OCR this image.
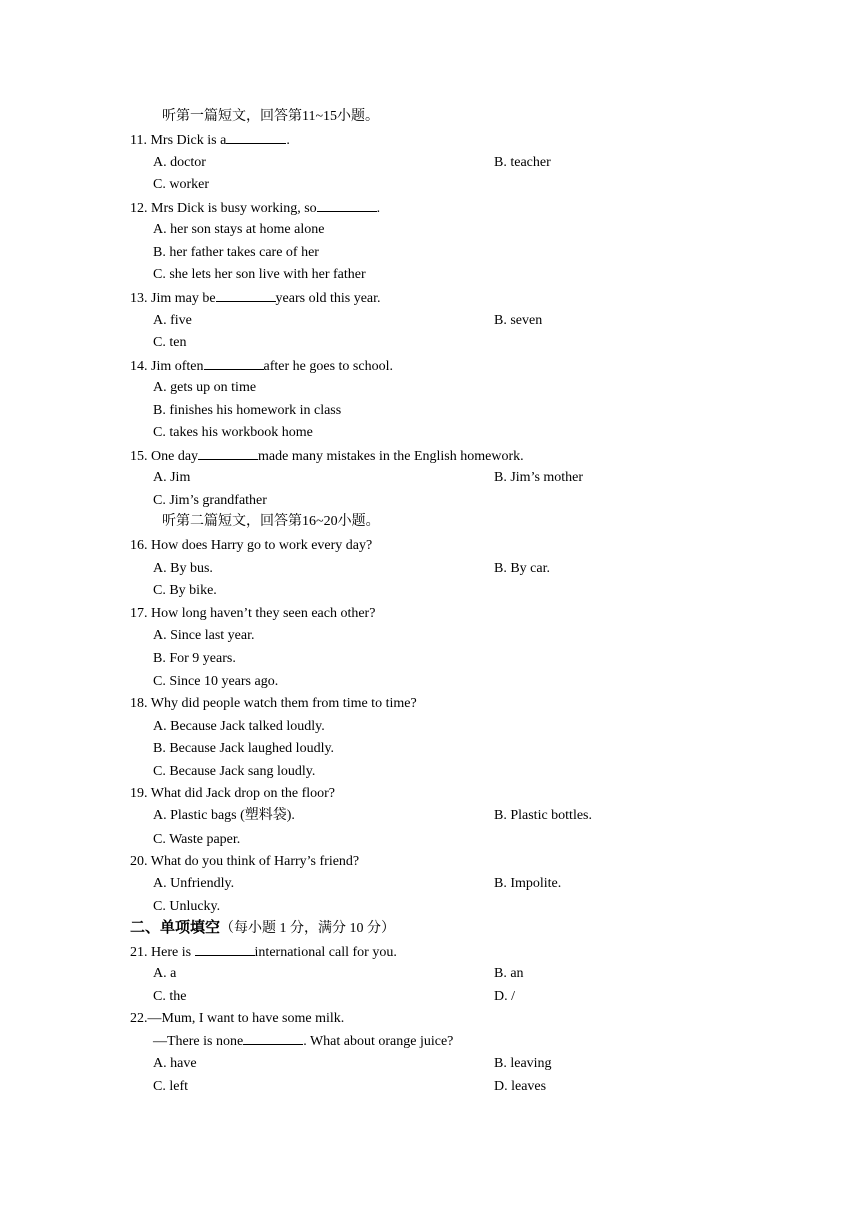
听第一篇短文，回答第11~15小题。
11. Mrs Dick is a	.
A. doctor	B. teacher
C. worker
12. Mrs Dick is busy working, so	.
A. her son stays at home alone
B. her father takes care of her
C. she lets her son live with her father
13. Jim may be	years old this year.
A. five	B. seven
C. ten
14. Jim often	after he goes to school.
A. gets up on time
B. finishes his homework in class
C. takes his workbook home
15. One day	made many mistakes in the English homework.
A. Jim	B. Jim’s mother
C. Jim’s grandfather
听第二篇短文，回答第16~20小题。
16. How does Harry go to work every day?
A. By bus.	B. By car.
C. By bike.
17. How long haven’t they seen each other?
A. Since last year.
B. For 9 years.
C. Since 10 years ago.
18. Why did people watch them from time to time?
A. Because Jack talked loudly.
B. Because Jack laughed loudly.
C. Because Jack sang loudly.
19. What did Jack drop on the floor?
A. Plastic bags (塑料袋).	B. Plastic bottles.
C. Waste paper.
20. What do you think of Harry’s friend?
A. Unfriendly.	B. Impolite.
C. Unlucky.
二、单项填空（每小题 1 分，满分 10 分）
21. Here is	international call for you.
A. a	B. an
C. the	D. /
22.—Mum, I want to have some milk.
—There is none	. What about orange juice?
A. have	B. leaving
C. left	D. leaves
